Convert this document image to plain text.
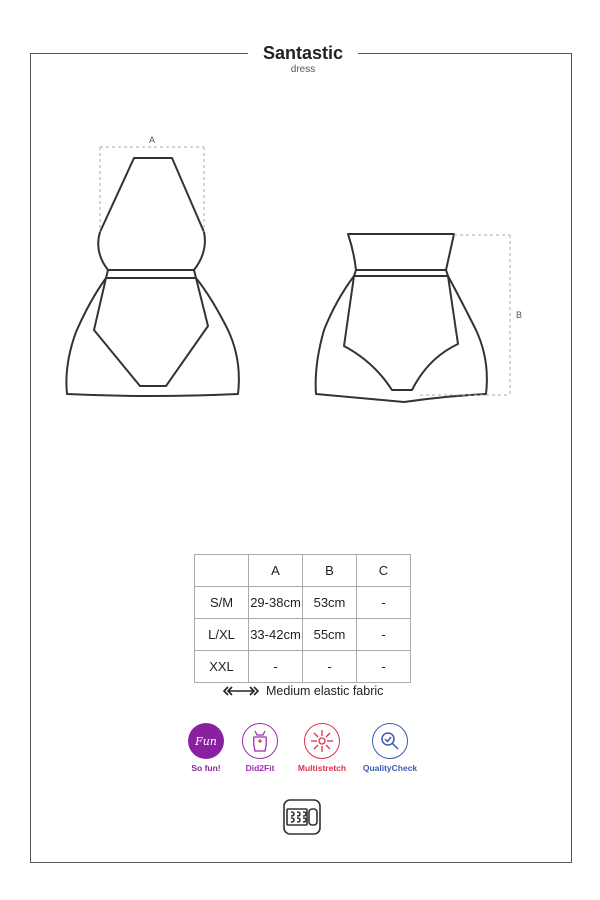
Santastic
dress
A
B
	A	B	C
S/M	29-38cm	53cm	-
L/XL	33-42cm	55cm	-
XXL	-	-	-
Medium elastic fabric
Fun
So fun!	Did2Fit	Multistretch	QualityCheck
